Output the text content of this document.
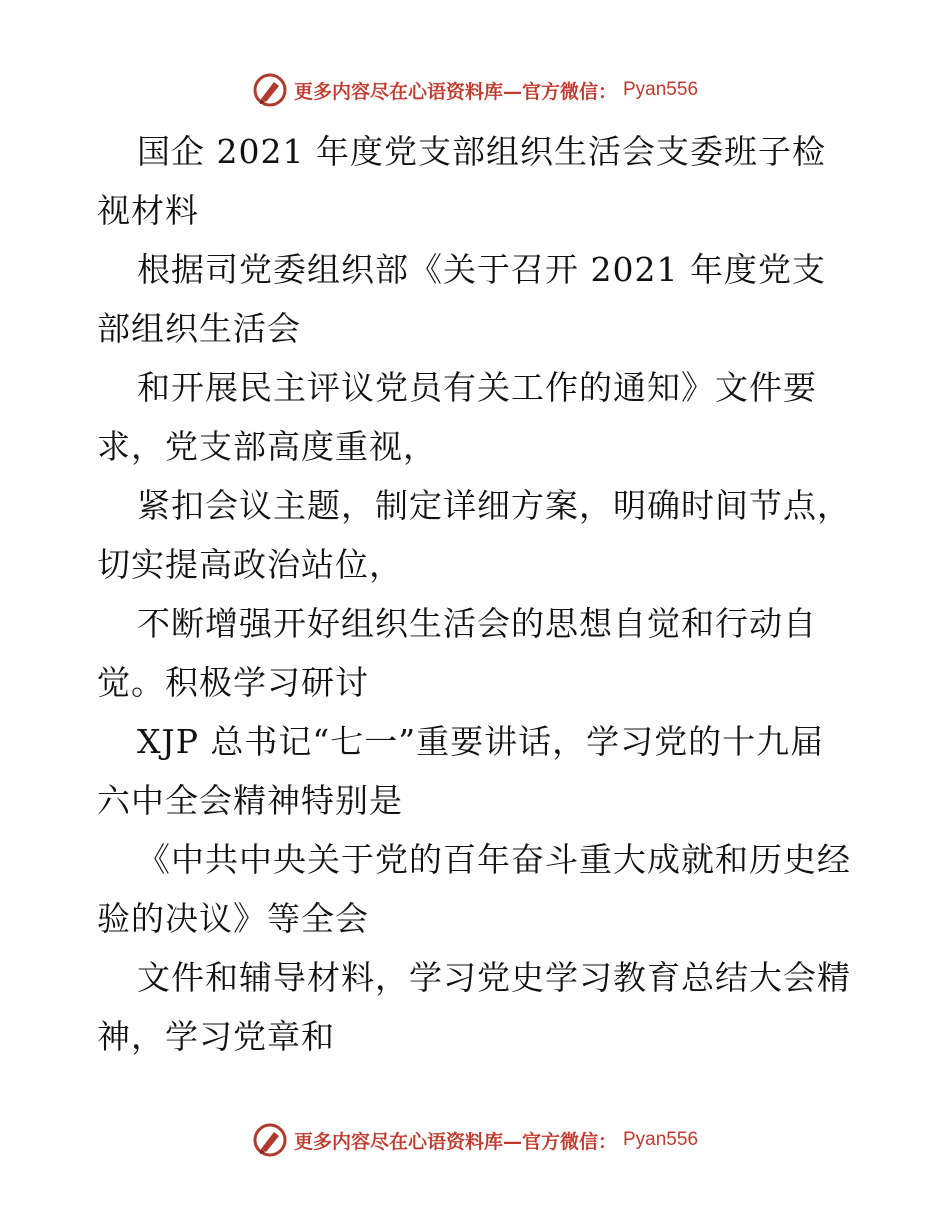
更多内容尽在心语资料库—官方微信： Pyan556

国企 2021 年度党支部组织生活会支委班子检视材料

根据司党委组织部《关于召开 2021 年度党支部组织生活会

和开展民主评议党员有关工作的通知》文件要求，党支部高度重视，

紧扣会议主题，制定详细方案，明确时间节点，切实提高政治站位，

不断增强开好组织生活会的思想自觉和行动自觉。积极学习研讨

XJP 总书记“七一”重要讲话，学习党的十九届六中全会精神特别是

《中共中央关于党的百年奋斗重大成就和历史经验的决议》等全会

文件和辅导材料，学习党史学习教育总结大会精神，学习党章和

更多内容尽在心语资料库—官方微信： Pyan556
